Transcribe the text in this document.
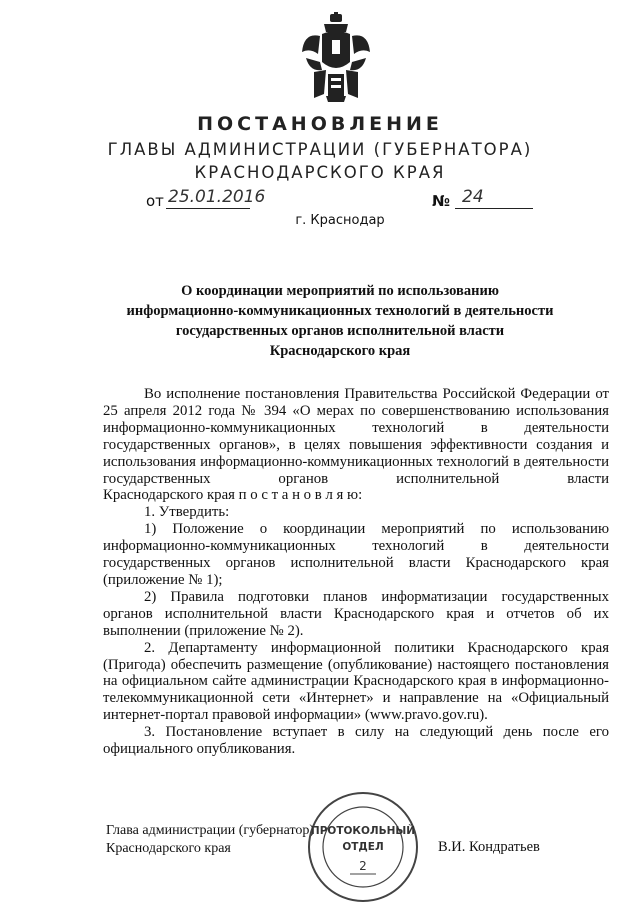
ПОСТАНОВЛЕНИЕ
ГЛАВЫ АДМИНИСТРАЦИИ (ГУБЕРНАТОРА)
КРАСНОДАРСКОГО КРАЯ
от 25.01.2016	№ 24
г. Краснодар
О координации мероприятий по использованию
информационно-коммуникационных технологий в деятельности
государственных органов исполнительной власти
Краснодарского края

Во исполнение постановления Правительства Российской Федерации от 25 апреля 2012 года № 394 «О мерах по совершенствованию использования информационно-коммуникационных технологий в деятельности государственных органов», в целях повышения эффективности создания и использования информационно-коммуникационных технологий в деятельности государственных органов исполнительной власти

Краснодарского края п о с т а н о в л я ю:

1. Утвердить:

1) Положение о координации мероприятий по использованию информационно-коммуникационных технологий в деятельности государственных органов исполнительной власти Краснодарского края (приложение № 1);

2) Правила подготовки планов информатизации государственных органов исполнительной власти Краснодарского края и отчетов об их выполнении (приложение № 2).

2. Департаменту информационной политики Краснодарского края (Пригода) обеспечить размещение (опубликование) настоящего постановления на официальном сайте администрации Краснодарского края в информационно-телекоммуникационной сети «Интернет» и направление на «Официальный интернет-портал правовой информации» (www.pravo.gov.ru).

3. Постановление вступает в силу на следующий день после его официального опубликования.

Глава администрации (губернатор)
Краснодарского края	В.И. Кондратьев
ПРОТОКОЛЬНЫЙ
ОТДЕЛ
2
